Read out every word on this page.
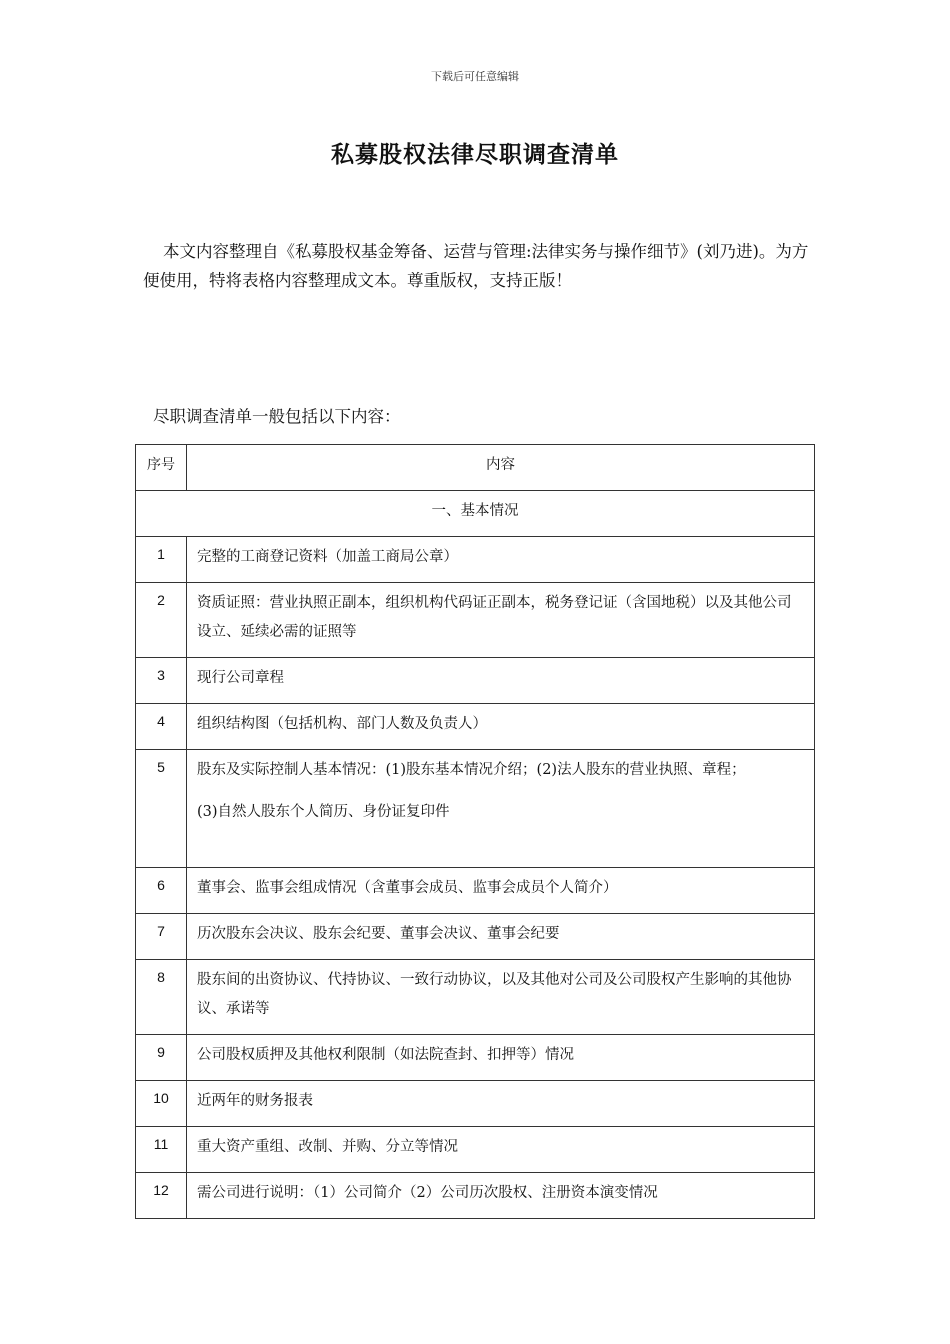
下载后可任意编辑
私募股权法律尽职调查清单
本文内容整理自《私募股权基金筹备、运营与管理:法律实务与操作细节》(刘乃进)。为方便使用，特将表格内容整理成文本。尊重版权，支持正版！
尽职调查清单一般包括以下内容：
序号	内容
一、基本情况	
1	完整的工商登记资料（加盖工商局公章）

2	资质证照：营业执照正副本，组织机构代码证正副本，税务登记证（含国地税）以及其他公司设立、延续必需的证照等

3	现行公司章程

4	组织结构图（包括机构、部门人数及负责人）

5	股东及实际控制人基本情况：(1)股东基本情况介绍；(2)法人股东的营业执照、章程；
(3)自然人股东个人简历、身份证复印件

6	董事会、监事会组成情况（含董事会成员、监事会成员个人简介）

7	历次股东会决议、股东会纪要、董事会决议、董事会纪要

8	股东间的出资协议、代持协议、一致行动协议，以及其他对公司及公司股权产生影响的其他协议、承诺等

9	公司股权质押及其他权利限制（如法院查封、扣押等）情况

10	近两年的财务报表

11	重大资产重组、改制、并购、分立等情况

12	需公司进行说明：（1）公司简介（2）公司历次股权、注册资本演变情况
